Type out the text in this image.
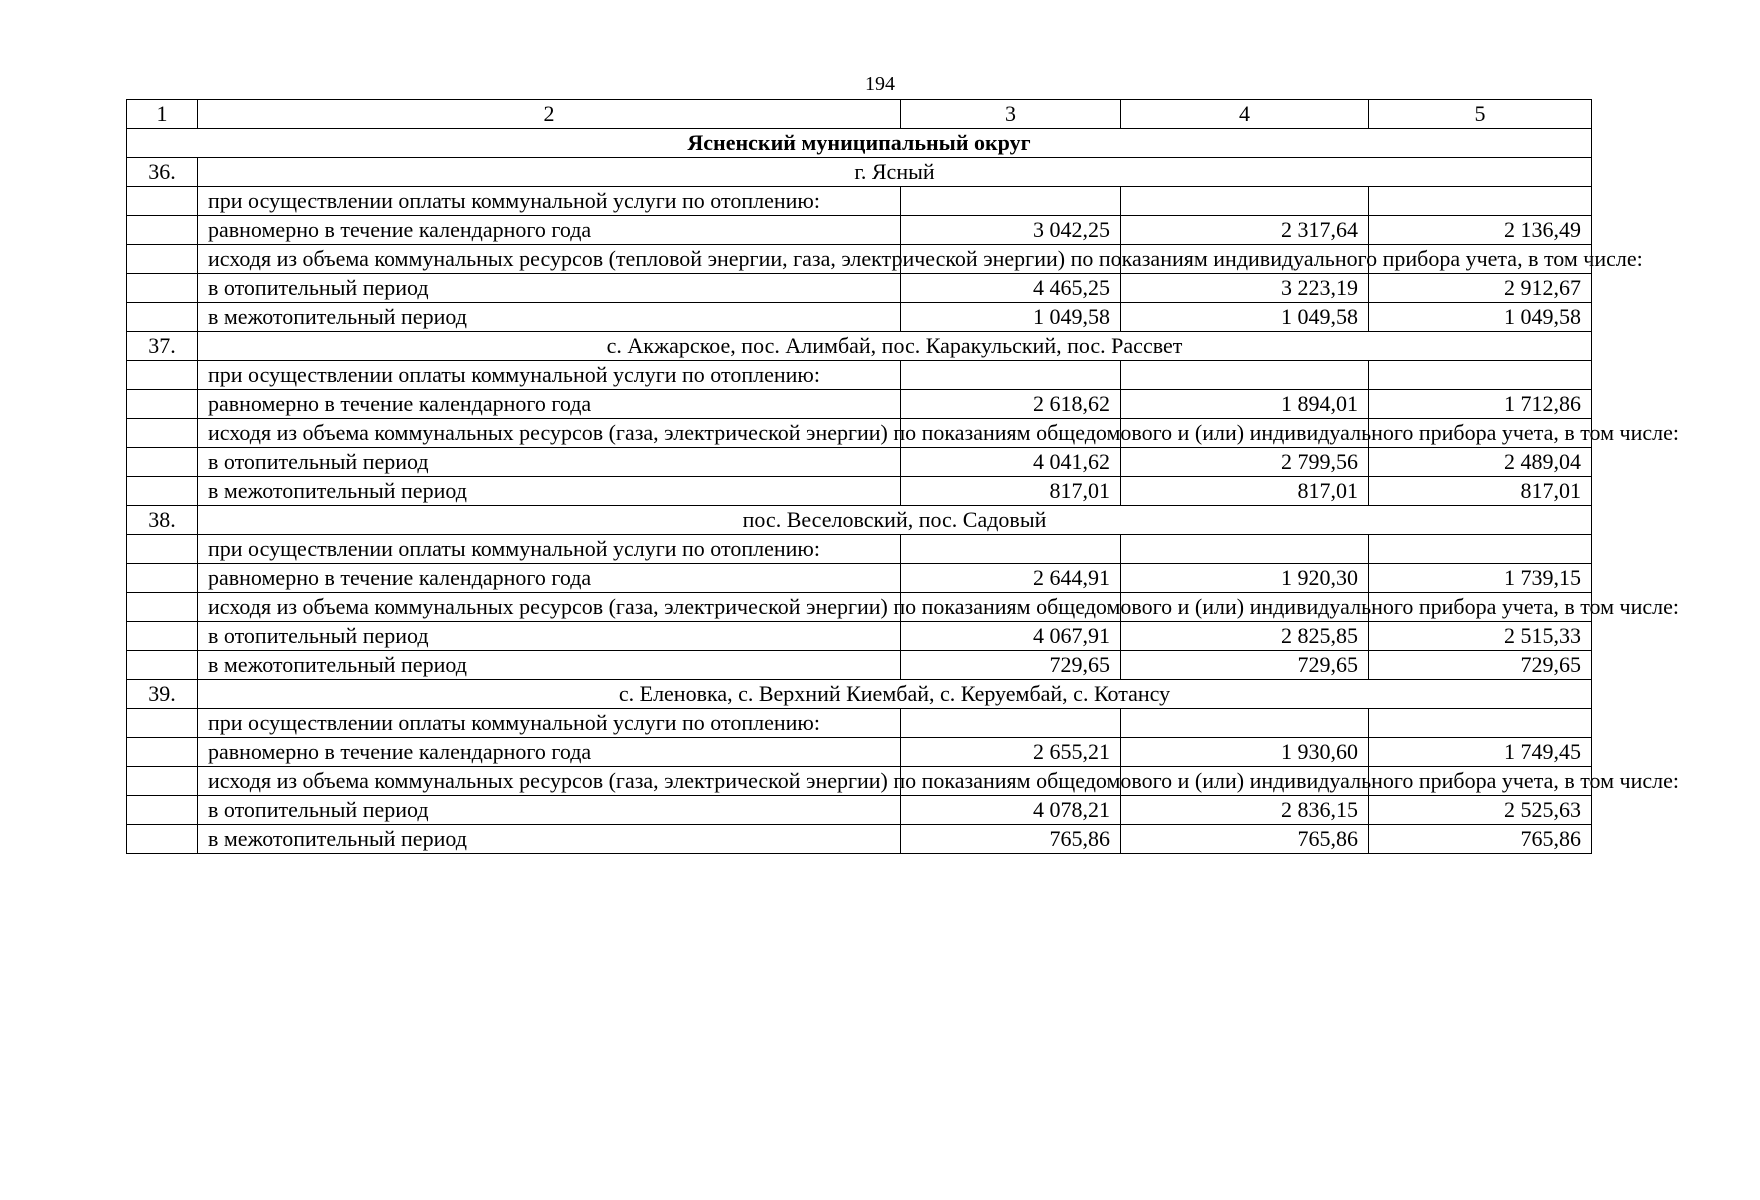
194
1	2	3	4	5
Ясненский муниципальный округ				
36.	г. Ясный			
	при осуществлении оплаты коммунальной услуги по отоплению:			
	равномерно в течение календарного года	3 042,25	2 317,64	2 136,49
	исходя из объема коммунальных ресурсов (тепловой энергии, газа, электрической энергии) по показаниям индивидуального прибора учета, в том числе:			
	в отопительный период	4 465,25	3 223,19	2 912,67
	в межотопительный период	1 049,58	1 049,58	1 049,58
37.	с. Акжарское, пос. Алимбай, пос. Каракульский, пос. Рассвет			
	при осуществлении оплаты коммунальной услуги по отоплению:			
	равномерно в течение календарного года	2 618,62	1 894,01	1 712,86
	исходя из объема коммунальных ресурсов (газа, электрической энергии) по показаниям общедомового и (или) индивидуального прибора учета, в том числе:			
	в отопительный период	4 041,62	2 799,56	2 489,04
	в межотопительный период	817,01	817,01	817,01
38.	пос. Веселовский, пос. Садовый			
	при осуществлении оплаты коммунальной услуги по отоплению:			
	равномерно в течение календарного года	2 644,91	1 920,30	1 739,15
	исходя из объема коммунальных ресурсов (газа, электрической энергии) по показаниям общедомового и (или) индивидуального прибора учета, в том числе:			
	в отопительный период	4 067,91	2 825,85	2 515,33
	в межотопительный период	729,65	729,65	729,65
39.	с. Еленовка, с. Верхний Киембай, с. Керуембай, с. Котансу			
	при осуществлении оплаты коммунальной услуги по отоплению:			
	равномерно в течение календарного года	2 655,21	1 930,60	1 749,45
	исходя из объема коммунальных ресурсов (газа, электрической энергии) по показаниям общедомового и (или) индивидуального прибора учета, в том числе:			
	в отопительный период	4 078,21	2 836,15	2 525,63
	в межотопительный период	765,86	765,86	765,86
